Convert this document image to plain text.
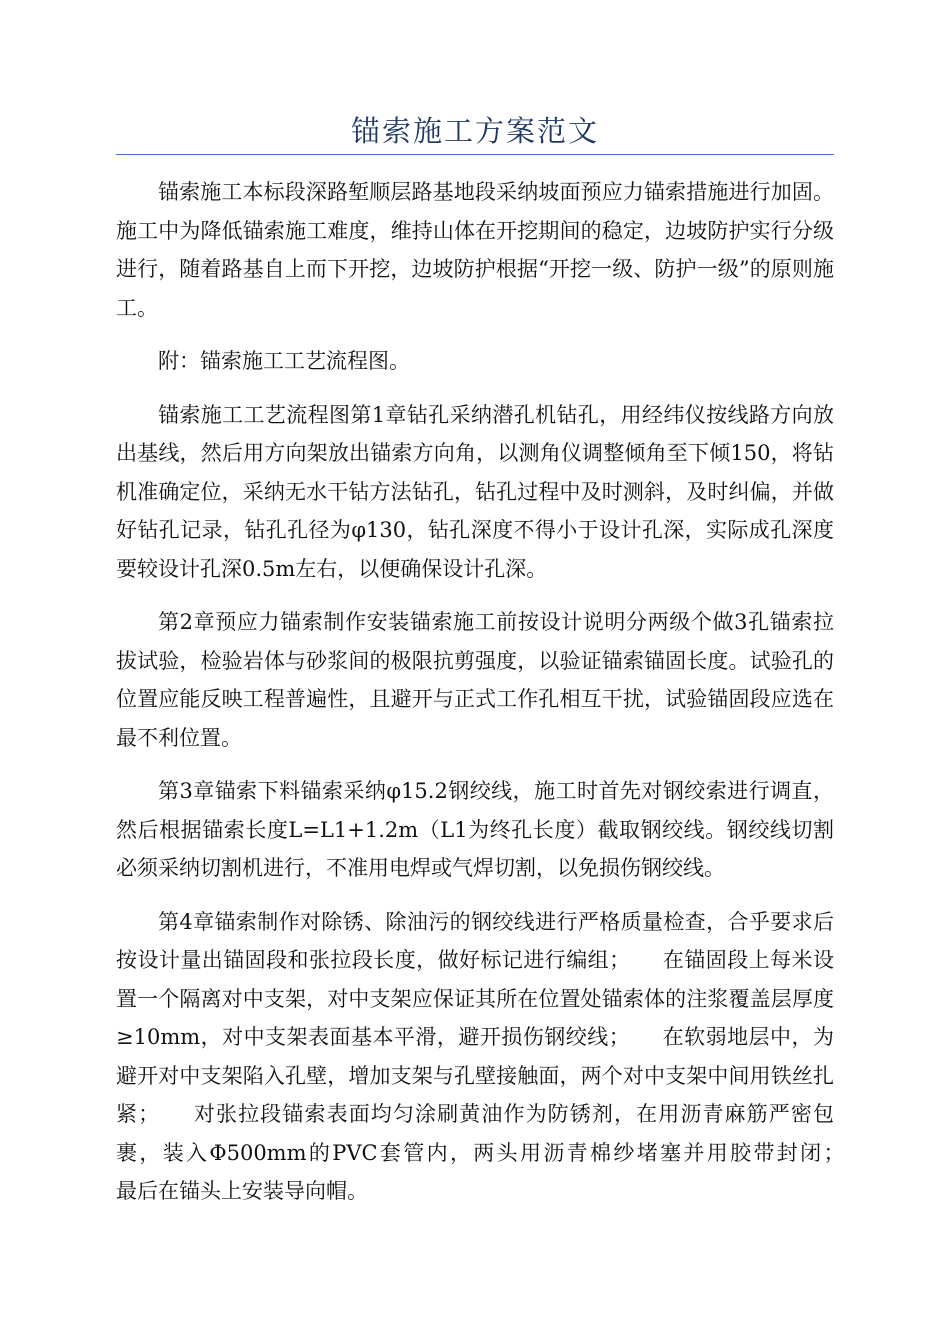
锚索施工方案范文

锚索施工本标段深路堑顺层路基地段采纳坡面预应力锚索措施进行加固。施工中为降低锚索施工难度，维持山体在开挖期间的稳定，边坡防护实行分级进行，随着路基自上而下开挖，边坡防护根据“开挖一级、防护一级”的原则施工。

附：锚索施工工艺流程图。

锚索施工工艺流程图第1章钻孔采纳潜孔机钻孔，用经纬仪按线路方向放出基线，然后用方向架放出锚索方向角，以测角仪调整倾角至下倾150，将钻机准确定位，采纳无水干钻方法钻孔，钻孔过程中及时测斜，及时纠偏，并做好钻孔记录，钻孔孔径为φ130，钻孔深度不得小于设计孔深，实际成孔深度要较设计孔深0.5m左右，以便确保设计孔深。

第2章预应力锚索制作安装锚索施工前按设计说明分两级个做3孔锚索拉拔试验，检验岩体与砂浆间的极限抗剪强度，以验证锚索锚固长度。试验孔的位置应能反映工程普遍性，且避开与正式工作孔相互干扰，试验锚固段应选在最不利位置。

第3章锚索下料锚索采纳φ15.2钢绞线，施工时首先对钢绞索进行调直，然后根据锚索长度L=L1+1.2m（L1为终孔长度）截取钢绞线。钢绞线切割必须采纳切割机进行，不准用电焊或气焊切割，以免损伤钢绞线。

第4章锚索制作对除锈、除油污的钢绞线进行严格质量检查，合乎要求后按设计量出锚固段和张拉段长度，做好标记进行编组；　　在锚固段上每米设置一个隔离对中支架，对中支架应保证其所在位置处锚索体的注浆覆盖层厚度≥10mm，对中支架表面基本平滑，避开损伤钢绞线；　　在软弱地层中，为避开对中支架陷入孔壁，增加支架与孔壁接触面，两个对中支架中间用铁丝扎紧；　　对张拉段锚索表面均匀涂刷黄油作为防锈剂，在用沥青麻筋严密包裹，装入Φ500mm的PVC套管内，两头用沥青棉纱堵塞并用胶带封闭；　　最后在锚头上安装导向帽。
